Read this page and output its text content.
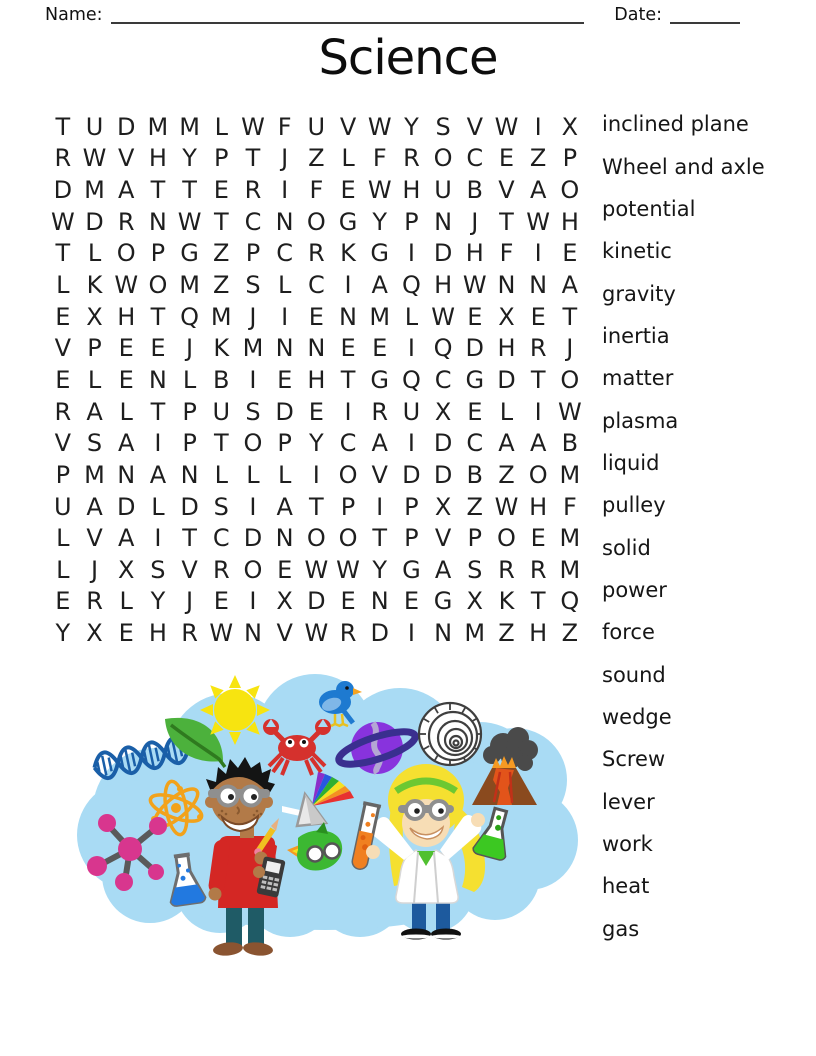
Name:	Date:
Science
T U D M M L W F U V W Y S V W I X
R W V H Y P T J Z L F R O C E Z P
D M A T T E R I F E W H U B V A O
W D R N W T C N O G Y P N J T W H
T L O P G Z P C R K G I D H F I E
L K W O M Z S L C I A Q H W N N A
E X H T Q M J	I E N M L W E X E T
V P E E J K M N N E E I Q D H R J
E L E N L B I E H T G Q C G D T O
R A L T P U S D E I R U X E L I W
V S A I P T O P Y C A I D C A A B
P M N A N L L L I O V D D B Z O M
U A D L D S I A T P I P X Z W H F
L V A I T C D N O O T P V P O E M
L J X S V R O E W W Y G A S R R M
E R L Y J E I X D E N E G X K T Q
Y X E H R W N V W R D I N M Z H Z
inclined plane
Wheel and axle
potential
kinetic
gravity
inertia
matter
plasma
liquid
pulley
solid
power
force
sound
wedge
Screw
lever
work
heat
gas
